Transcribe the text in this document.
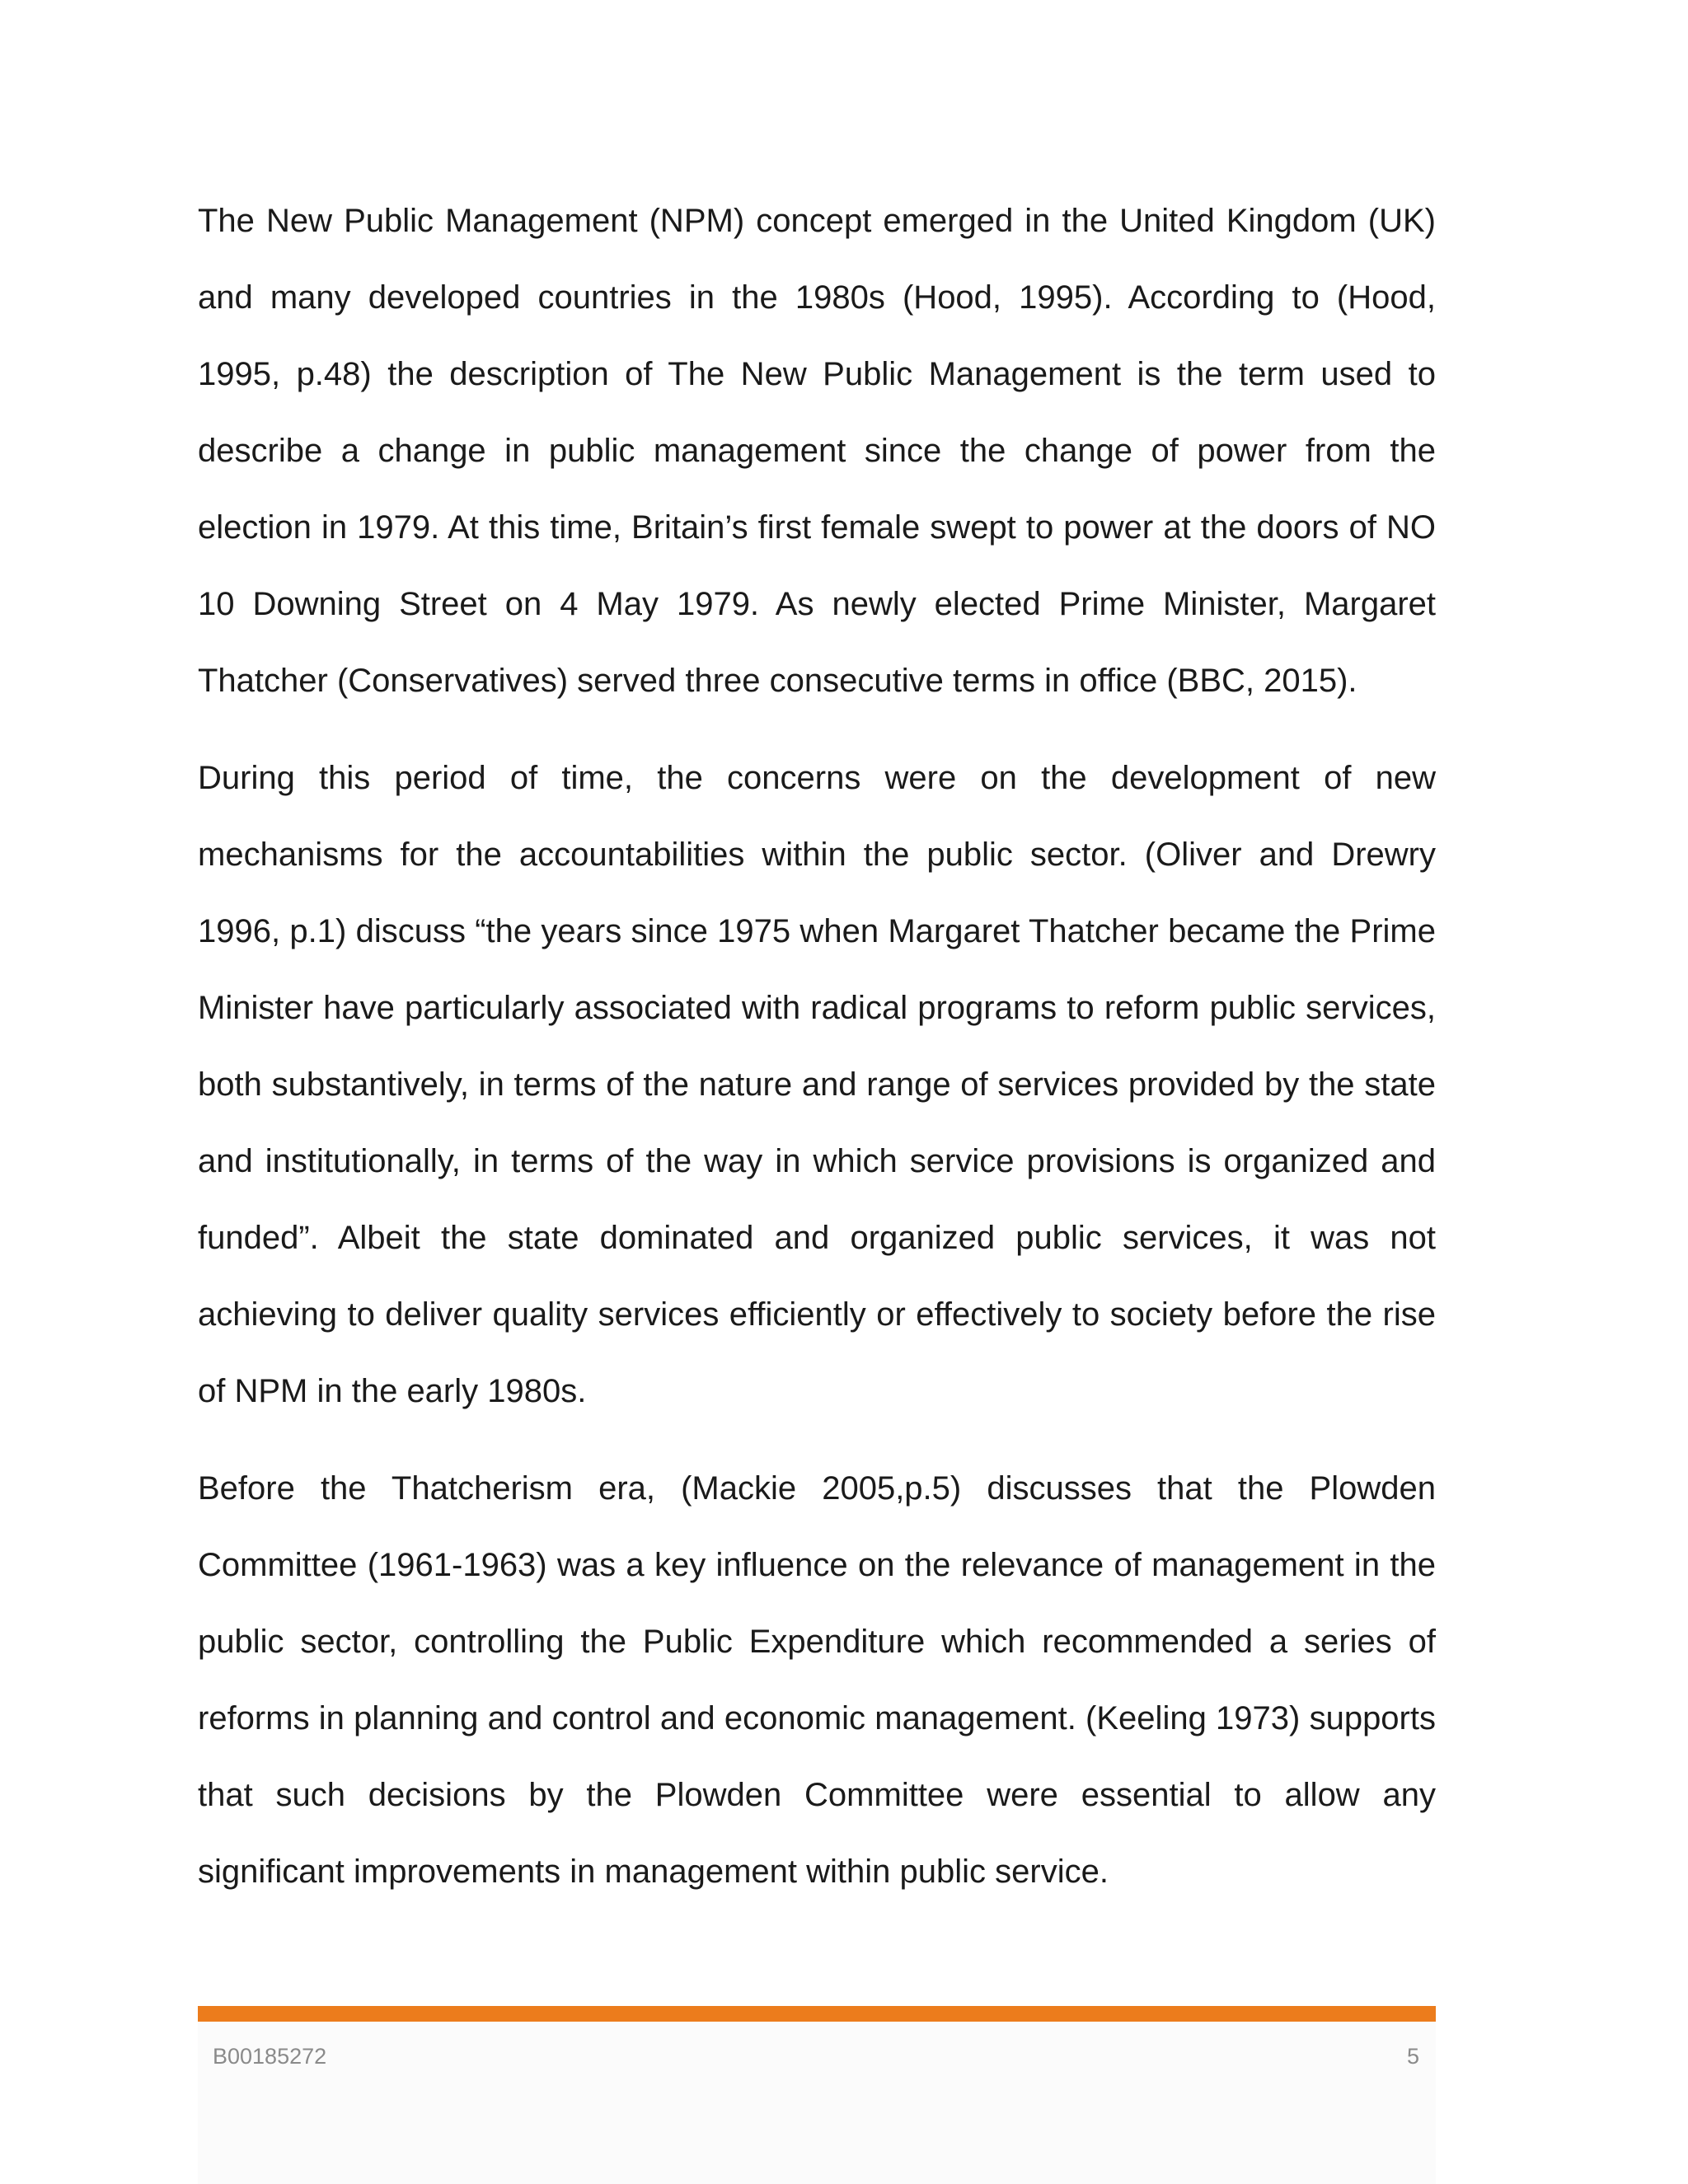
The New Public Management (NPM) concept emerged in the United Kingdom (UK) and many developed countries in the 1980s (Hood, 1995). According to (Hood, 1995, p.48) the description of The New Public Management is the term used to describe a change in public management since the change of power from the election in 1979. At this time, Britain’s first female swept to power at the doors of NO 10 Downing Street on 4 May 1979. As newly elected Prime Minister, Margaret Thatcher (Conservatives) served three consecutive terms in office (BBC, 2015).

During this period of time, the concerns were on the development of new mechanisms for the accountabilities within the public sector. (Oliver and Drewry 1996, p.1) discuss “the years since 1975 when Margaret Thatcher became the Prime Minister have particularly associated with radical programs to reform public services, both substantively, in terms of the nature and range of services provided by the state and institutionally, in terms of the way in which service provisions is organized and funded”. Albeit the state dominated and organized public services, it was not achieving to deliver quality services efficiently or effectively to society before the rise of NPM in the early 1980s.

Before the Thatcherism era, (Mackie 2005,p.5) discusses that the Plowden Committee (1961-1963) was a key influence on the relevance of management in the public sector, controlling the Public Expenditure which recommended a series of reforms in planning and control and economic management. (Keeling 1973) supports that such decisions by the Plowden Committee were essential to allow any significant improvements in management within public service.

B00185272	5
